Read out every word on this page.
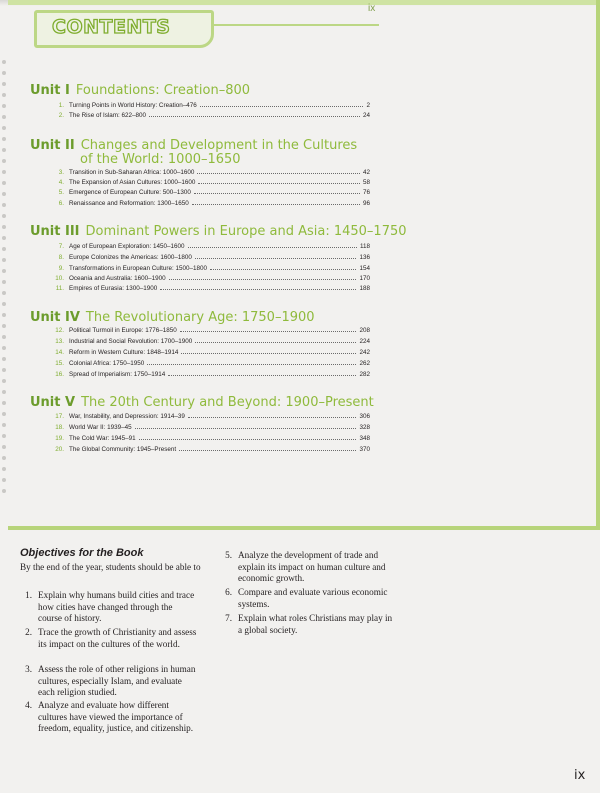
CONTENTS
ix
Unit I Foundations: Creation–800
1. Turning Points in World History: Creation–476	2
2. The Rise of Islam: 622–800	24
Unit II Changes and Development in the Cultures
of the World: 1000–1650
3. Transition in Sub-Saharan Africa: 1000–1600	42
4. The Expansion of Asian Cultures: 1000–1600	58
5. Emergence of European Culture: 500–1300	76
6. Renaissance and Reformation: 1300–1650	96
Unit III Dominant Powers in Europe and Asia: 1450–1750
7. Age of European Exploration: 1450–1600	118
8. Europe Colonizes the Americas: 1600–1800	136
9. Transformations in European Culture: 1500–1800	154
10. Oceania and Australia: 1600–1900	170
11. Empires of Eurasia: 1300–1900	188
Unit IV The Revolutionary Age: 1750–1900
12. Political Turmoil in Europe: 1776–1850	208
13. Industrial and Social Revolution: 1700–1900	224
14. Reform in Western Culture: 1848–1914	242
15. Colonial Africa: 1750–1950	262
16. Spread of Imperialism: 1750–1914	282
Unit V The 20th Century and Beyond: 1900–Present
17. War, Instability, and Depression: 1914–39	306
18. World War II: 1939–45	328
19. The Cold War: 1945–91	348
20. The Global Community: 1945–Present	370
Objectives for the Book
By the end of the year, students should be able to
1. Explain why humans build cities and trace how cities have changed through the course of history.
2. Trace the growth of Christianity and assess its impact on the cultures of the world.
3. Assess the role of other religions in human cultures, especially Islam, and evaluate each religion studied.
4. Analyze and evaluate how different cultures have viewed the importance of freedom, equality, justice, and citizenship.
5. Analyze the development of trade and explain its impact on human culture and economic growth.
6. Compare and evaluate various economic systems.
7. Explain what roles Christians may play in a global society.
ix
